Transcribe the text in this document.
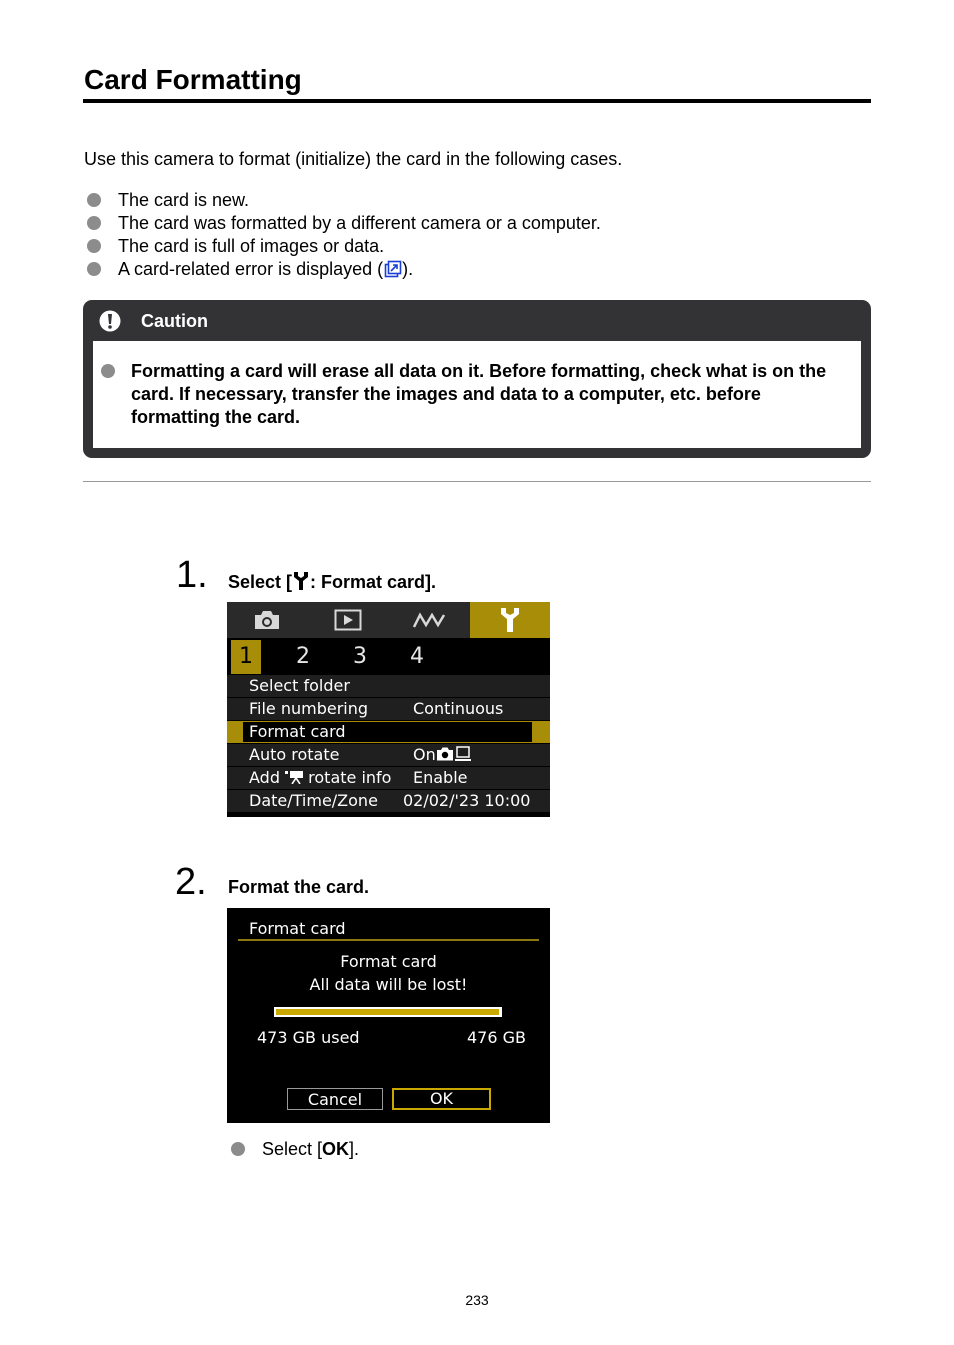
Card Formatting

Use this camera to format (initialize) the card in the following cases.

The card is new.
The card was formatted by a different camera or a computer.
The card is full of images or data.
A card-related error is displayed ( ).
Caution

Formatting a card will erase all data on it. Before formatting, check what is on the card. If necessary, transfer the images and data to a computer, etc. before formatting the card.

1. Select [ : Format card].
1	2	3	4
Select folder
File numbering	Continuous
Format card
Auto rotate	On
Add  rotate info Enable
Date/Time/Zone 02/02/'23 10:00
2. Format the card.
Format card
Format card
All data will be lost!
473 GB used	476 GB
Cancel	OK
Select [OK].
233
